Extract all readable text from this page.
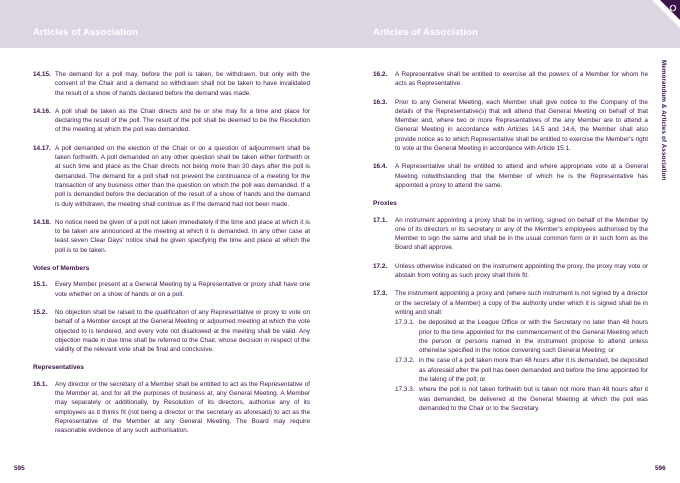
Articles of Association	Articles of Association
Memorandum & Articles of Association
14.15. The demand for a poll may, before the poll is taken, be withdrawn, but only with the consent of the Chair and a demand so withdrawn shall not be taken to have invalidated the result of a show of hands declared before the demand was made.
14.16. A poll shall be taken as the Chair directs and he or she may fix a time and place for declaring the result of the poll. The result of the poll shall be deemed to be the Resolution of the meeting at which the poll was demanded.
14.17. A poll demanded on the election of the Chair or on a question of adjournment shall be taken forthwith. A poll demanded on any other question shall be taken either forthwith or at such time and place as the Chair directs not being more than 30 days after the poll is demanded. The demand for a poll shall not prevent the continuance of a meeting for the transaction of any business other than the question on which the poll was demanded. If a poll is demanded before the declaration of the result of a show of hands and the demand is duly withdrawn, the meeting shall continue as if the demand had not been made.
14.18. No notice need be given of a poll not taken immediately if the time and place at which it is to be taken are announced at the meeting at which it is demanded. In any other case at least seven Clear Days' notice shall be given specifying the time and place at which the poll is to be taken.
Votes of Members
15.1. Every Member present at a General Meeting by a Representative or proxy shall have one vote whether on a show of hands or on a poll.
15.2. No objection shall be raised to the qualification of any Representative or proxy to vote on behalf of a Member except at the General Meeting or adjourned meeting at which the vote objected to is tendered, and every vote not disallowed at the meeting shall be valid. Any objection made in due time shall be referred to the Chair, whose decision in respect of the validity of the relevant vote shall be final and conclusive.
Representatives
16.1. Any director or the secretary of a Member shall be entitled to act as the Representative of the Member at, and for all the purposes of business at, any General Meeting. A Member may separately or additionally, by Resolution of its directors, authorise any of its employees as it thinks fit (not being a director or the secretary as aforesaid) to act as the Representative of the Member at any General Meeting. The Board may require reasonable evidence of any such authorisation.
16.2. A Representative shall be entitled to exercise all the powers of a Member for whom he acts as Representative.
16.3. Prior to any General Meeting, each Member shall give notice to the Company of the details of the Representative(s) that will attend that General Meeting on behalf of that Member and, where two or more Representatives of the any Member are to attend a General Meeting in accordance with Articles 14.5 and 14.6, the Member shall also provide notice as to which Representative shall be entitled to exercise the Member's right to vote at the General Meeting in accordance with Article 15.1.
16.4. A Representative shall be entitled to attend and where appropriate vote at a General Meeting notwithstanding that the Member of which he is the Representative has appointed a proxy to attend the same.
Proxies
17.1. An instrument appointing a proxy shall be in writing, signed on behalf of the Member by one of its directors or its secretary or any of the Member's employees authorised by the Member to sign the same and shall be in the usual common form or in such form as the Board shall approve.
17.2. Unless otherwise indicated on the instrument appointing the proxy, the proxy may vote or abstain from voting as such proxy shall think fit.
17.3. The instrument appointing a proxy and (where such instrument is not signed by a director or the secretary of a Member) a copy of the authority under which it is signed shall be in writing and shall:
17.3.1. be deposited at the League Office or with the Secretary no later than 48 hours prior to the time appointed for the commencement of the General Meeting which the person or persons named in the instrument propose to attend unless otherwise specified in the notice convening such General Meeting; or
17.3.2. in the case of a poll taken more than 48 hours after it is demanded, be deposited as aforesaid after the poll has been demanded and before the time appointed for the taking of the poll; or
17.3.3. where the poll is not taken forthwith but is taken not more than 48 hours after it was demanded, be delivered at the General Meeting at which the poll was demanded to the Chair or to the Secretary.
595	596
